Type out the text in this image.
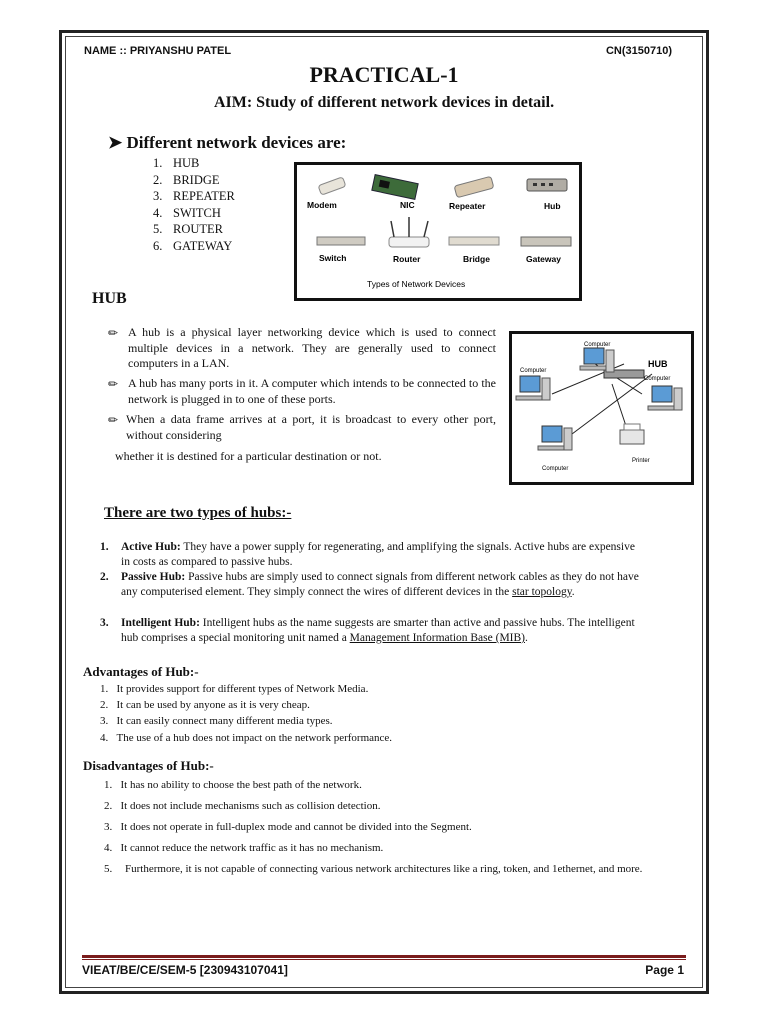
NAME :: PRIYANSHU PATEL	CN(3150710)
PRACTICAL-1
AIM: Study of different network devices in detail.
➤ Different network devices are:
1. HUB
2. BRIDGE
3. REPEATER
4. SWITCH
5. ROUTER
6. GATEWAY
Modem	NIC	Repeater	Hub
Switch	Router	Bridge	Gateway
Types of Network Devices
HUB
✏ A hub is a physical layer networking device which is used to connect multiple devices in a network. They are generally used to connect computers in a LAN.
✏ A hub has many ports in it. A computer which intends to be connected to the network is plugged in to one of these ports.
✏ When a data frame arrives at a port, it is broadcast to every other port, without considering
whether it is destined for a particular destination or not.
HUB
Computer
Computer
Computer
Computer
Printer
There are two types of hubs:-
1.	Active Hub: They have a power supply for regenerating, and amplifying the signals. Active hubs are expensive in costs as compared to passive hubs.
2.	Passive Hub: Passive hubs are simply used to connect signals from different network cables as they do not have any computerised element. They simply connect the wires of different devices in the star topology.
3.	Intelligent Hub: Intelligent hubs as the name suggests are smarter than active and passive hubs. The intelligent hub comprises a special monitoring unit named a Management Information Base (MIB).
Advantages of Hub:-
1.   It provides support for different types of Network Media.
2.   It can be used by anyone as it is very cheap.
3.   It can easily connect many different media types.
4.   The use of a hub does not impact on the network performance.
Disadvantages of Hub:-
1.   It has no ability to choose the best path of the network.
2.   It does not include mechanisms such as collision detection.
3.   It does not operate in full-duplex mode and cannot be divided into the Segment.
4.   It cannot reduce the network traffic as it has no mechanism.
5.	Furthermore, it is not capable of connecting various network architectures like a ring, token, and 1ethernet, and more.
VIEAT/BE/CE/SEM-5 [230943107041]	Page 1
